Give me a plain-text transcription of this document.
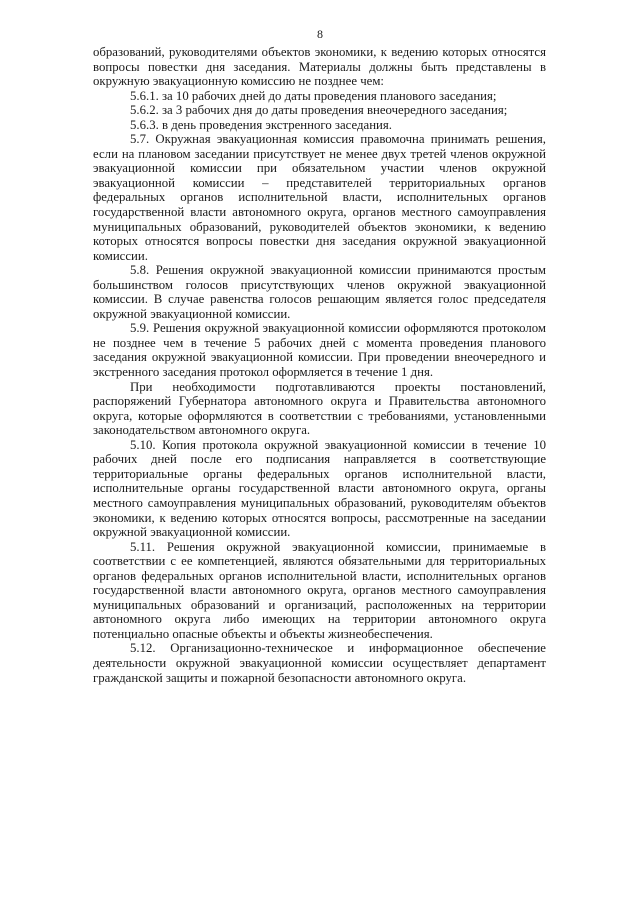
8

образований, руководителями объектов экономики, к ведению которых относятся вопросы повестки дня заседания. Материалы должны быть представлены в окружную эвакуационную комиссию не позднее чем:

5.6.1. за 10 рабочих дней до даты проведения планового заседания;

5.6.2. за 3 рабочих дня до даты проведения внеочередного заседания;

5.6.3. в день проведения экстренного заседания.

5.7. Окружная эвакуационная комиссия правомочна принимать решения, если на плановом заседании присутствует не менее двух третей членов окружной эвакуационной комиссии при обязательном участии членов окружной эвакуационной комиссии – представителей территориальных органов федеральных органов исполнительной власти, исполнительных органов государственной власти автономного округа, органов местного самоуправления муниципальных образований, руководителей объектов экономики, к ведению которых относятся вопросы повестки дня заседания окружной эвакуационной комиссии.

5.8. Решения окружной эвакуационной комиссии принимаются простым большинством голосов присутствующих членов окружной эвакуационной комиссии. В случае равенства голосов решающим является голос председателя окружной эвакуационной комиссии.

5.9. Решения окружной эвакуационной комиссии оформляются протоколом не позднее чем в течение 5 рабочих дней с момента проведения планового заседания окружной эвакуационной комиссии. При проведении внеочередного и экстренного заседания протокол оформляется в течение 1 дня.

При необходимости подготавливаются проекты постановлений, распоряжений Губернатора автономного округа и Правительства автономного округа, которые оформляются в соответствии с требованиями, установленными законодательством автономного округа.

5.10. Копия протокола окружной эвакуационной комиссии в течение 10 рабочих дней после его подписания направляется в соответствующие территориальные органы федеральных органов исполнительной власти, исполнительные органы государственной власти автономного округа, органы местного самоуправления муниципальных образований, руководителям объектов экономики, к ведению которых относятся вопросы, рассмотренные на заседании окружной эвакуационной комиссии.

5.11. Решения окружной эвакуационной комиссии, принимаемые в соответствии с ее компетенцией, являются обязательными для территориальных органов федеральных органов исполнительной власти, исполнительных органов государственной власти автономного округа, органов местного самоуправления муниципальных образований и организаций, расположенных на территории автономного округа либо имеющих на территории автономного округа потенциально опасные объекты и объекты жизнеобеспечения.

5.12. Организационно-техническое и информационное обеспечение деятельности окружной эвакуационной комиссии осуществляет департамент гражданской защиты и пожарной безопасности автономного округа.
